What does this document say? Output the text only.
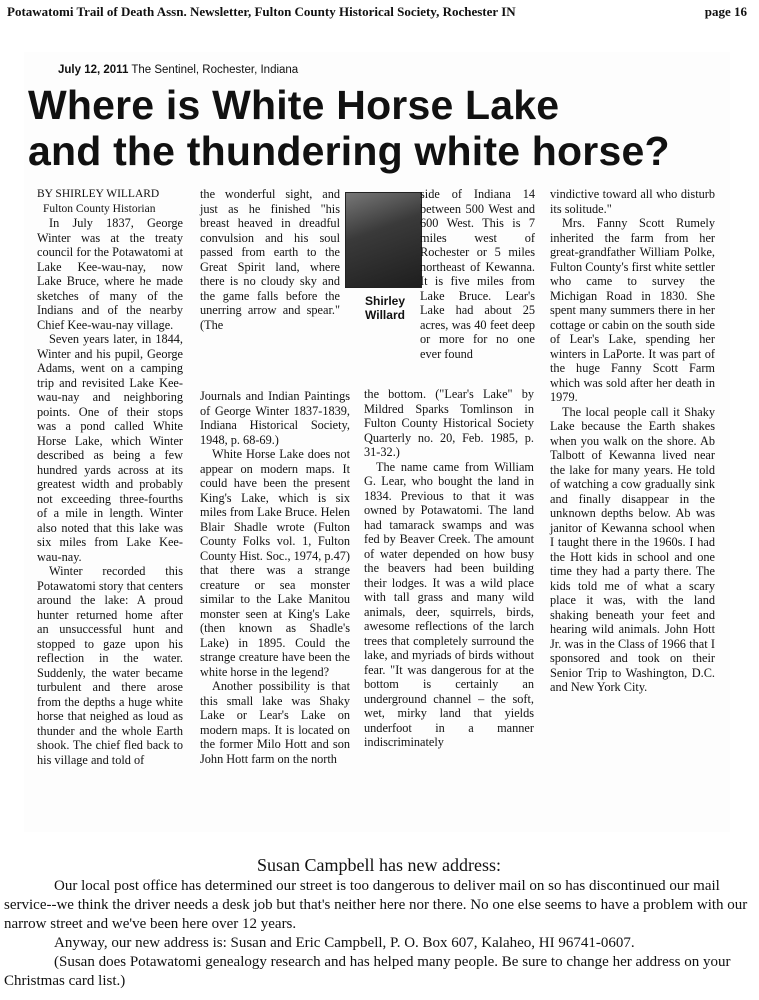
Potawatomi Trail of Death Assn. Newsletter, Fulton County Historical Society, Rochester IN	page 16
July 12, 2011 The Sentinel, Rochester, Indiana
Where is White Horse Lake
and the thundering white horse?
BY SHIRLEY WILLARD
Fulton County Historian

In July 1837, George Winter was at the treaty council for the Potawatomi at Lake Kee-wau-nay, now Lake Bruce, where he made sketches of many of the Indians and of the nearby Chief Kee-wau-nay village.

Seven years later, in 1844, Winter and his pupil, George Adams, went on a camping trip and revisited Lake Kee-wau-nay and neighboring points. One of their stops was a pond called White Horse Lake, which Winter described as being a few hundred yards across at its greatest width and probably not exceeding three-fourths of a mile in length. Winter also noted that this lake was six miles from Lake Kee-wau-nay.

Winter recorded this Potawatomi story that centers around the lake: A proud hunter returned home after an unsuccessful hunt and stopped to gaze upon his reflection in the water. Suddenly, the water became turbulent and there arose from the depths a huge white horse that neighed as loud as thunder and the whole Earth shook. The chief fled back to his village and told of

the wonderful sight, and just as he finished "his breast heaved in dreadful convulsion and his soul passed from earth to the Great Spirit land, where there is no cloudy sky and the game falls before the unerring arrow and spear." (The

Shirley Willard

Journals and Indian Paintings of George Winter 1837-1839, Indiana Historical Society, 1948, p. 68-69.)

White Horse Lake does not appear on modern maps. It could have been the present King's Lake, which is six miles from Lake Bruce. Helen Blair Shadle wrote (Fulton County Folks vol. 1, Fulton County Hist. Soc., 1974, p.47) that there was a strange creature or sea monster similar to the Lake Manitou monster seen at King's Lake (then known as Shadle's Lake) in 1895. Could the strange creature have been the white horse in the legend?

Another possibility is that this small lake was Shaky Lake or Lear's Lake on modern maps. It is located on the former Milo Hott and son John Hott farm on the north

side of Indiana 14 between 500 West and 600 West. This is 7 miles west of Rochester or 5 miles northeast of Kewanna. It is five miles from Lake Bruce. Lear's Lake had about 25 acres, was 40 feet deep or more for no one ever found

the bottom. ("Lear's Lake" by Mildred Sparks Tomlinson in Fulton County Historical Society Quarterly no. 20, Feb. 1985, p. 31-32.)

The name came from William G. Lear, who bought the land in 1834. Previous to that it was owned by Potawatomi. The land had tamarack swamps and was fed by Beaver Creek. The amount of water depended on how busy the beavers had been building their lodges. It was a wild place with tall grass and many wild animals, deer, squirrels, birds, awesome reflections of the larch trees that completely surround the lake, and myriads of birds without fear. "It was dangerous for at the bottom is certainly an underground channel – the soft, wet, mirky land that yields underfoot in a manner indiscriminately

vindictive toward all who disturb its solitude."

Mrs. Fanny Scott Rumely inherited the farm from her great-grandfather William Polke, Fulton County's first white settler who came to survey the Michigan Road in 1830. She spent many summers there in her cottage or cabin on the south side of Lear's Lake, spending her winters in LaPorte. It was part of the huge Fanny Scott Farm which was sold after her death in 1979.

The local people call it Shaky Lake because the Earth shakes when you walk on the shore. Ab Talbott of Kewanna lived near the lake for many years. He told of watching a cow gradually sink and finally disappear in the unknown depths below. Ab was janitor of Kewanna school when I taught there in the 1960s. I had the Hott kids in school and one time they had a party there. The kids told me of what a scary place it was, with the land shaking beneath your feet and hearing wild animals. John Hott Jr. was in the Class of 1966 that I sponsored and took on their Senior Trip to Washington, D.C. and New York City.

Susan Campbell has new address:

Our local post office has determined our street is too dangerous to deliver mail on so has discontinued our mail service--we think the driver needs a desk job but that's neither here nor there. No one else seems to have a problem with our narrow street and we've been here over 12 years.

Anyway, our new address is: Susan and Eric Campbell, P. O. Box 607, Kalaheo, HI 96741-0607.

(Susan does Potawatomi genealogy research and has helped many people. Be sure to change her address on your Christmas card list.)
